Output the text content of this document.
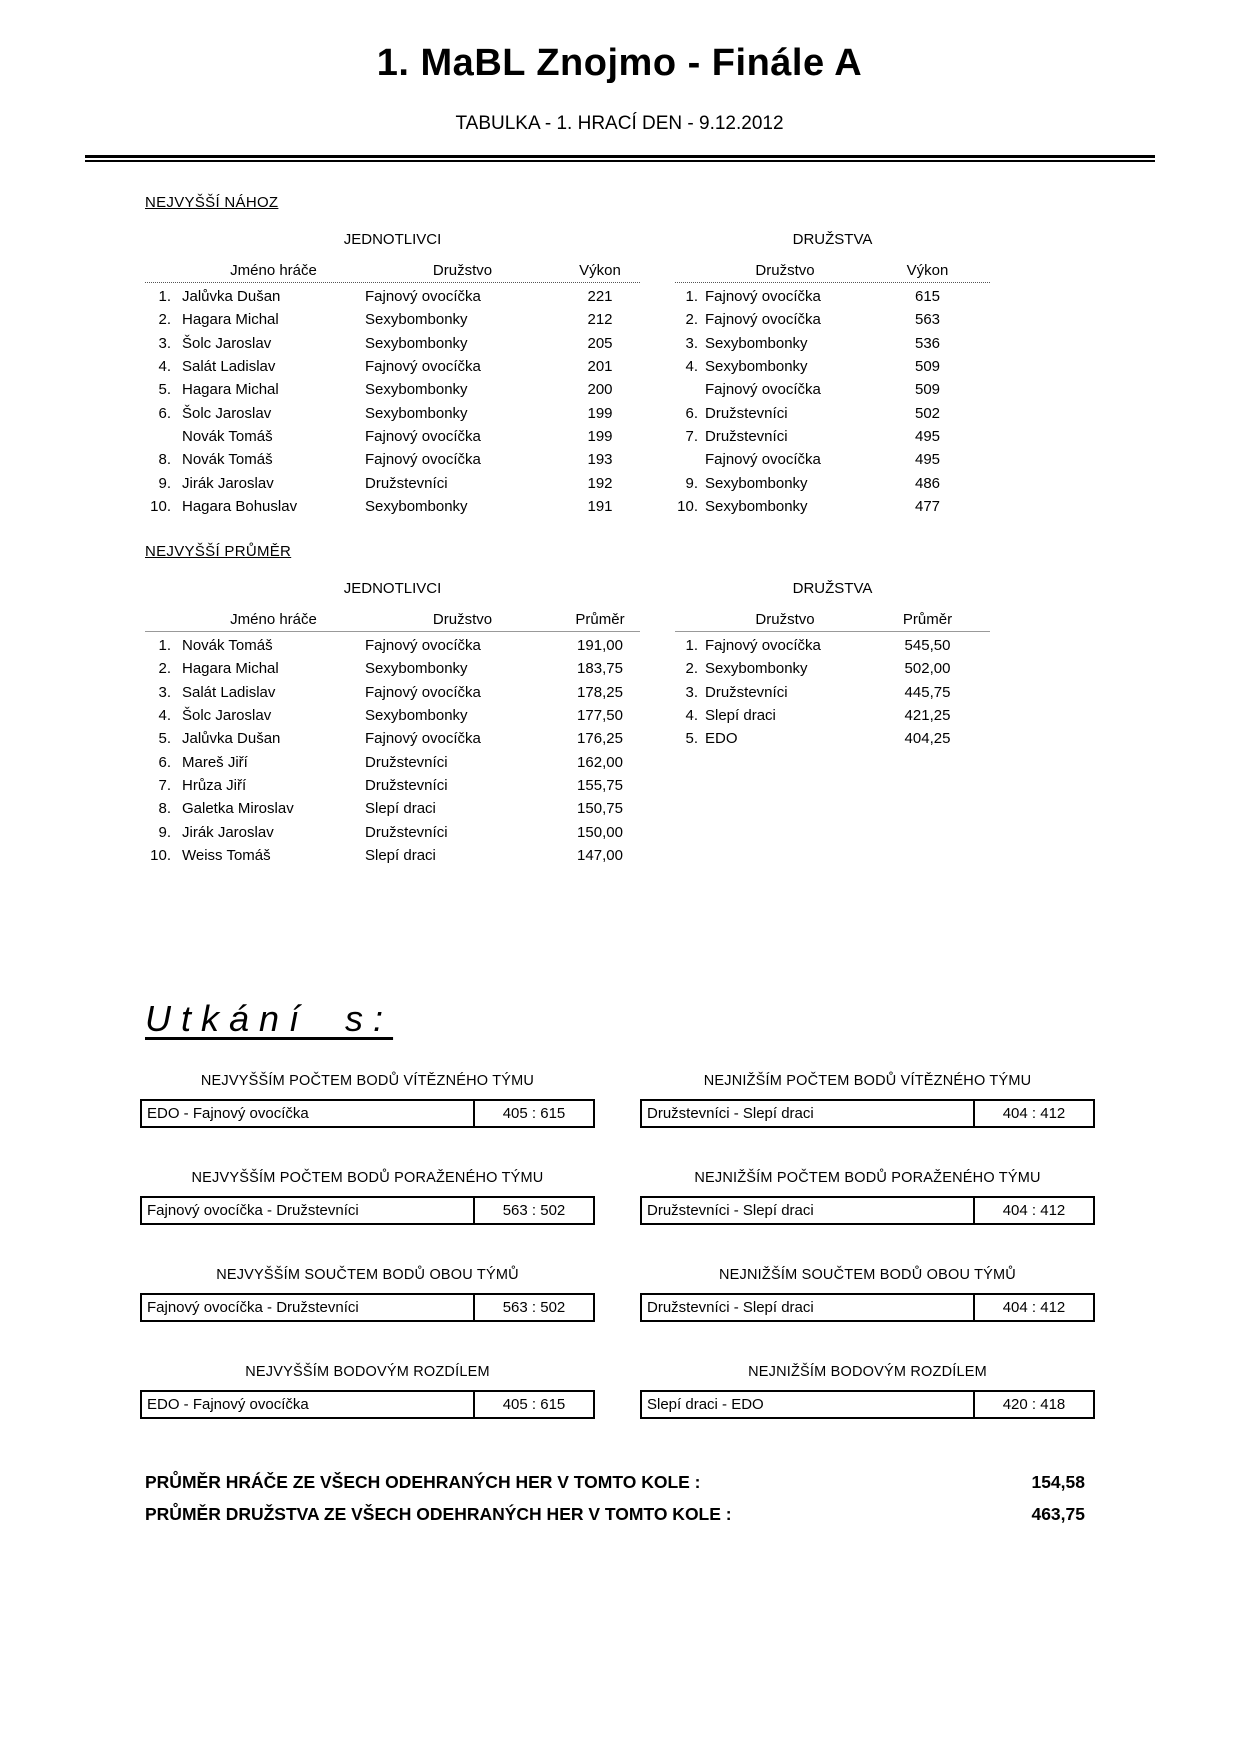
1. MaBL Znojmo - Finále A
TABULKA - 1. HRACÍ DEN - 9.12.2012
NEJVYŠŠÍ NÁHOZ
JEDNOTLIVCI
Jméno hráče	Družstvo	Výkon
1. Jalůvka Dušan	Fajnový ovocíčka	221
2. Hagara Michal	Sexybombonky	212
3. Šolc Jaroslav	Sexybombonky	205
4. Salát Ladislav	Fajnový ovocíčka	201
5. Hagara Michal	Sexybombonky	200
6. Šolc Jaroslav	Sexybombonky	199
Novák Tomáš	Fajnový ovocíčka	199
8. Novák Tomáš	Fajnový ovocíčka	193
9. Jirák Jaroslav	Družstevníci	192
10. Hagara Bohuslav	Sexybombonky	191
DRUŽSTVA
Družstvo	Výkon
1. Fajnový ovocíčka	615
2. Fajnový ovocíčka	563
3. Sexybombonky	536
4. Sexybombonky	509
Fajnový ovocíčka	509
6. Družstevníci	502
7. Družstevníci	495
Fajnový ovocíčka	495
9. Sexybombonky	486
10. Sexybombonky	477
NEJVYŠŠÍ PRŮMĚR
JEDNOTLIVCI
Jméno hráče	Družstvo	Průměr
1. Novák Tomáš	Fajnový ovocíčka	191,00
2. Hagara Michal	Sexybombonky	183,75
3. Salát Ladislav	Fajnový ovocíčka	178,25
4. Šolc Jaroslav	Sexybombonky	177,50
5. Jalůvka Dušan	Fajnový ovocíčka	176,25
6. Mareš Jiří	Družstevníci	162,00
7. Hrůza Jiří	Družstevníci	155,75
8. Galetka Miroslav	Slepí draci	150,75
9. Jirák Jaroslav	Družstevníci	150,00
10. Weiss Tomáš	Slepí draci	147,00
DRUŽSTVA
Družstvo	Průměr
1. Fajnový ovocíčka	545,50
2. Sexybombonky	502,00
3. Družstevníci	445,75
4. Slepí draci	421,25
5. EDO	404,25
Utkání s:
NEJVYŠŠÍM POČTEM BODŮ VÍTĚZNÉHO TÝMU
EDO - Fajnový ovocíčka	405 : 615
NEJNIŽŠÍM POČTEM BODŮ VÍTĚZNÉHO TÝMU
Družstevníci - Slepí draci	404 : 412
NEJVYŠŠÍM POČTEM BODŮ PORAŽENÉHO TÝMU
Fajnový ovocíčka - Družstevníci	563 : 502
NEJNIŽŠÍM POČTEM BODŮ PORAŽENÉHO TÝMU
Družstevníci - Slepí draci	404 : 412
NEJVYŠŠÍM SOUČTEM BODŮ OBOU TÝMŮ
Fajnový ovocíčka - Družstevníci	563 : 502
NEJNIŽŠÍM SOUČTEM BODŮ OBOU TÝMŮ
Družstevníci - Slepí draci	404 : 412
NEJVYŠŠÍM BODOVÝM ROZDÍLEM
EDO - Fajnový ovocíčka	405 : 615
NEJNIŽŠÍM BODOVÝM ROZDÍLEM
Slepí draci - EDO	420 : 418
PRŮMĚR HRÁČE ZE VŠECH ODEHRANÝCH HER V TOMTO KOLE :	154,58
PRŮMĚR DRUŽSTVA ZE VŠECH ODEHRANÝCH HER V TOMTO KOLE :	463,75
